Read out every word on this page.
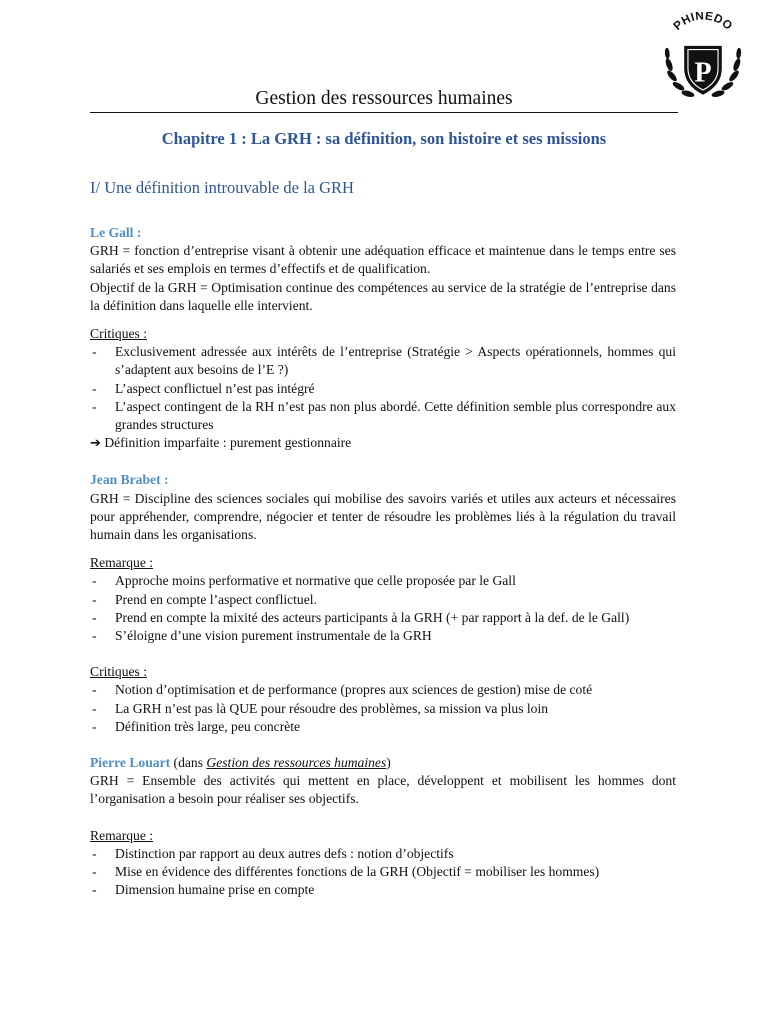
PHINEDO
P
Gestion des ressources humaines
Chapitre 1 : La GRH : sa définition, son histoire et ses missions
I/ Une définition introuvable de la GRH
Le Gall :

GRH = fonction d’entreprise visant à obtenir une adéquation efficace et maintenue dans le temps entre ses salariés et ses emplois en termes d’effectifs et de qualification.

Objectif de la GRH = Optimisation continue des compétences au service de la stratégie de l’entreprise dans la définition dans laquelle elle intervient.

Critiques :
- Exclusivement adressée aux intérêts de l’entreprise (Stratégie > Aspects opérationnels, hommes qui s’adaptent aux besoins de l’E ?)
- L’aspect conflictuel n’est pas intégré
- L’aspect contingent de la RH n’est pas non plus abordé. Cette définition semble plus correspondre aux grandes structures
➔ Définition imparfaite : purement gestionnaire
Jean Brabet :

GRH = Discipline des sciences sociales qui mobilise des savoirs variés et utiles aux acteurs et nécessaires pour appréhender, comprendre, négocier et tenter de résoudre les problèmes liés à la régulation du travail humain dans les organisations.

Remarque :
- Approche moins performative et normative que celle proposée par le Gall
- Prend en compte l’aspect conflictuel.
- Prend en compte la mixité des acteurs participants à la GRH (+ par rapport à la def. de le Gall)
- S’éloigne d’une vision purement instrumentale de la GRH
Critiques :
- Notion d’optimisation et de performance (propres aux sciences de gestion) mise de coté
- La GRH n’est pas là QUE pour résoudre des problèmes, sa mission va plus loin
- Définition très large, peu concrète
Pierre Louart (dans Gestion des ressources humaines)

GRH = Ensemble des activités qui mettent en place, développent et mobilisent les hommes dont l’organisation a besoin pour réaliser ses objectifs.

Remarque :
- Distinction par rapport au deux autres defs : notion d’objectifs
- Mise en évidence des différentes fonctions de la GRH (Objectif = mobiliser les hommes)
- Dimension humaine prise en compte
